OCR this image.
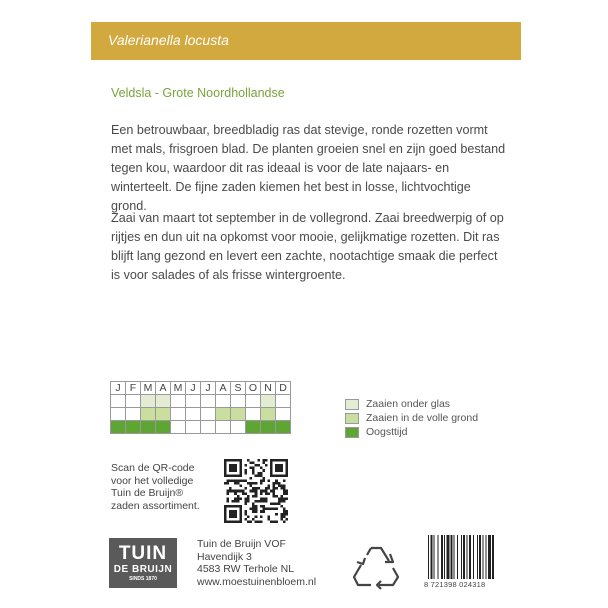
Valerianella locusta
Veldsla - Grote Noordhollandse

Een betrouwbaar, breedbladig ras dat stevige, ronde rozetten vormt met mals, frisgroen blad. De planten groeien snel en zijn goed bestand tegen kou, waardoor dit ras ideaal is voor de late najaars- en winterteelt. De fijne zaden kiemen het best in losse, lichtvochtige grond.

Zaai van maart tot september in de vollegrond. Zaai breedwerpig of op rijtjes en dun uit na opkomst voor mooie, gelijkmatige rozetten. Dit ras blijft lang gezond en levert een zachte, nootachtige smaak die perfect is voor salades of als frisse wintergroente.

J	F	M	A	M	J	J	A	S	O	N	D

Zaaien onder glas
Zaaien in de volle grond
Oogsttijd
Scan de QR-code
voor het volledige
Tuin de Bruijn®
zaden assortiment.
TUIN
DE BRUIJN
SINDS 1870
Tuin de Bruijn VOF
Havendijk 3
4583 RW Terhole NL
www.moestuinenbloem.nl	8 721398 024318
